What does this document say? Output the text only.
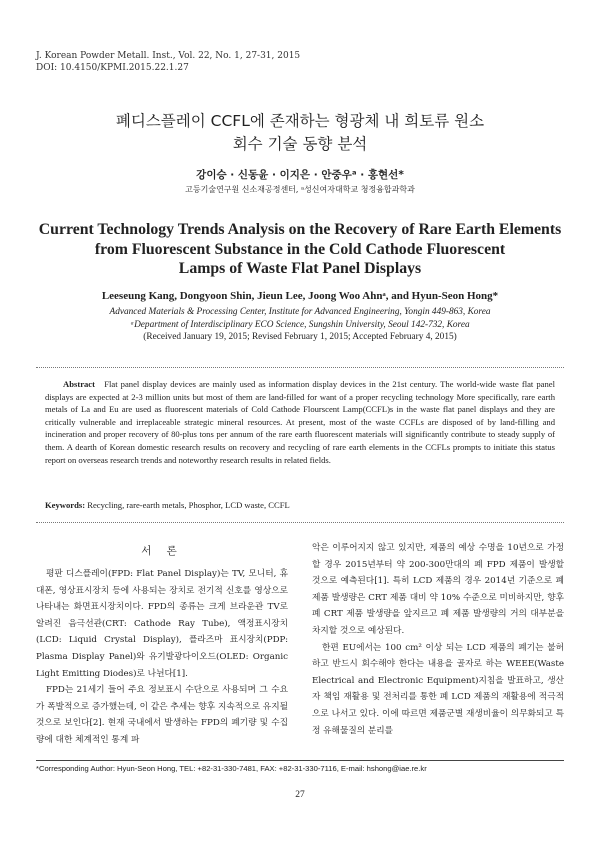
J. Korean Powder Metall. Inst., Vol. 22, No. 1, 27-31, 2015
DOI: 10.4150/KPMI.2015.22.1.27
폐디스플레이 CCFL에 존재하는 형광체 내 희토류 원소
회수 기술 동향 분석
강이승 · 신동윤 · 이지은 · 안중우ᵃ · 홍현선*
고등기술연구원 신소재공정센터, ᵃ성신여자대학교 청정융합과학과
Current Technology Trends Analysis on the Recovery of Rare Earth Elements
from Fluorescent Substance in the Cold Cathode Fluorescent
Lamps of Waste Flat Panel Displays
Leeseung Kang, Dongyoon Shin, Jieun Lee, Joong Woo Ahnᵃ, and Hyun-Seon Hong*
Advanced Materials & Processing Center, Institute for Advanced Engineering, Yongin 449-863, Korea
ᵃDepartment of Interdisciplinary ECO Science, Sungshin University, Seoul 142-732, Korea
(Received January 19, 2015; Revised February 1, 2015; Accepted February 4, 2015)
Abstract Flat panel display devices are mainly used as information display devices in the 21st century. The world-wide waste flat panel displays are expected at 2-3 million units but most of them are land-filled for want of a proper recycling technology More specifically, rare earth metals of La and Eu are used as fluorescent materials of Cold Cathode Flourscent Lamp(CCFL)s in the waste flat panel displays and they are critically vulnerable and irreplaceable strategic mineral resources. At present, most of the waste CCFLs are disposed of by land-filling and incineration and proper recovery of 80-plus tons per annum of the rare earth fluorescent materials will significantly contribute to steady supply of them. A dearth of Korean domestic research results on recovery and recycling of rare earth elements in the CCFLs prompts to initiate this status report on overseas research trends and noteworthy research results in related fields.
Keywords: Recycling, rare-earth metals, Phosphor, LCD waste, CCFL
서 론

평판 디스플레이(FPD: Flat Panel Display)는 TV, 모니터, 휴대폰, 영상표시장치 등에 사용되는 장치로 전기적 신호를 영상으로 나타내는 화면표시장치이다. FPD의 종류는 크게 브라운관 TV로 알려진 음극선관(CRT: Cathode Ray Tube), 액정표시장치(LCD: Liquid Crystal Display), 플라즈마 표시장치(PDP: Plasma Display Panel)와 유기발광다이오드(OLED: Organic Light Emitting Diodes)로 나뉜다[1].

FPD는 21세기 들어 주요 정보표시 수단으로 사용되며 그 수요가 폭발적으로 증가했는데, 이 같은 추세는 향후 지속적으로 유지될 것으로 보인다[2]. 현재 국내에서 발생하는 FPD의 폐기량 및 수집량에 대한 체계적인 통계 파

악은 이루어지지 않고 있지만, 제품의 예상 수명을 10년으로 가정할 경우 2015년부터 약 200-300만대의 폐 FPD 제품이 발생할 것으로 예측된다[1]. 특히 LCD 제품의 경우 2014년 기준으로 폐 제품 발생량은 CRT 제품 대비 약 10% 수준으로 미비하지만, 향후 폐 CRT 제품 발생량을 앞지르고 폐 제품 발생량의 거의 대부분을 차지할 것으로 예상된다.

한편 EU에서는 100 cm² 이상 되는 LCD 제품의 폐기는 불허하고 반드시 회수해야 한다는 내용을 골자로 하는 WEEE(Waste Electrical and Electronic Equipment)지침을 발표하고, 생산자 책임 재활용 및 전처리를 통한 폐 LCD 제품의 재활용에 적극적으로 나서고 있다. 이에 따르면 제품군별 재생비율이 의무화되고 특정 유해물질의 분리를

*Corresponding Author: Hyun-Seon Hong, TEL: +82-31-330-7481, FAX: +82-31-330-7116, E-mail: hshong@iae.re.kr
27
